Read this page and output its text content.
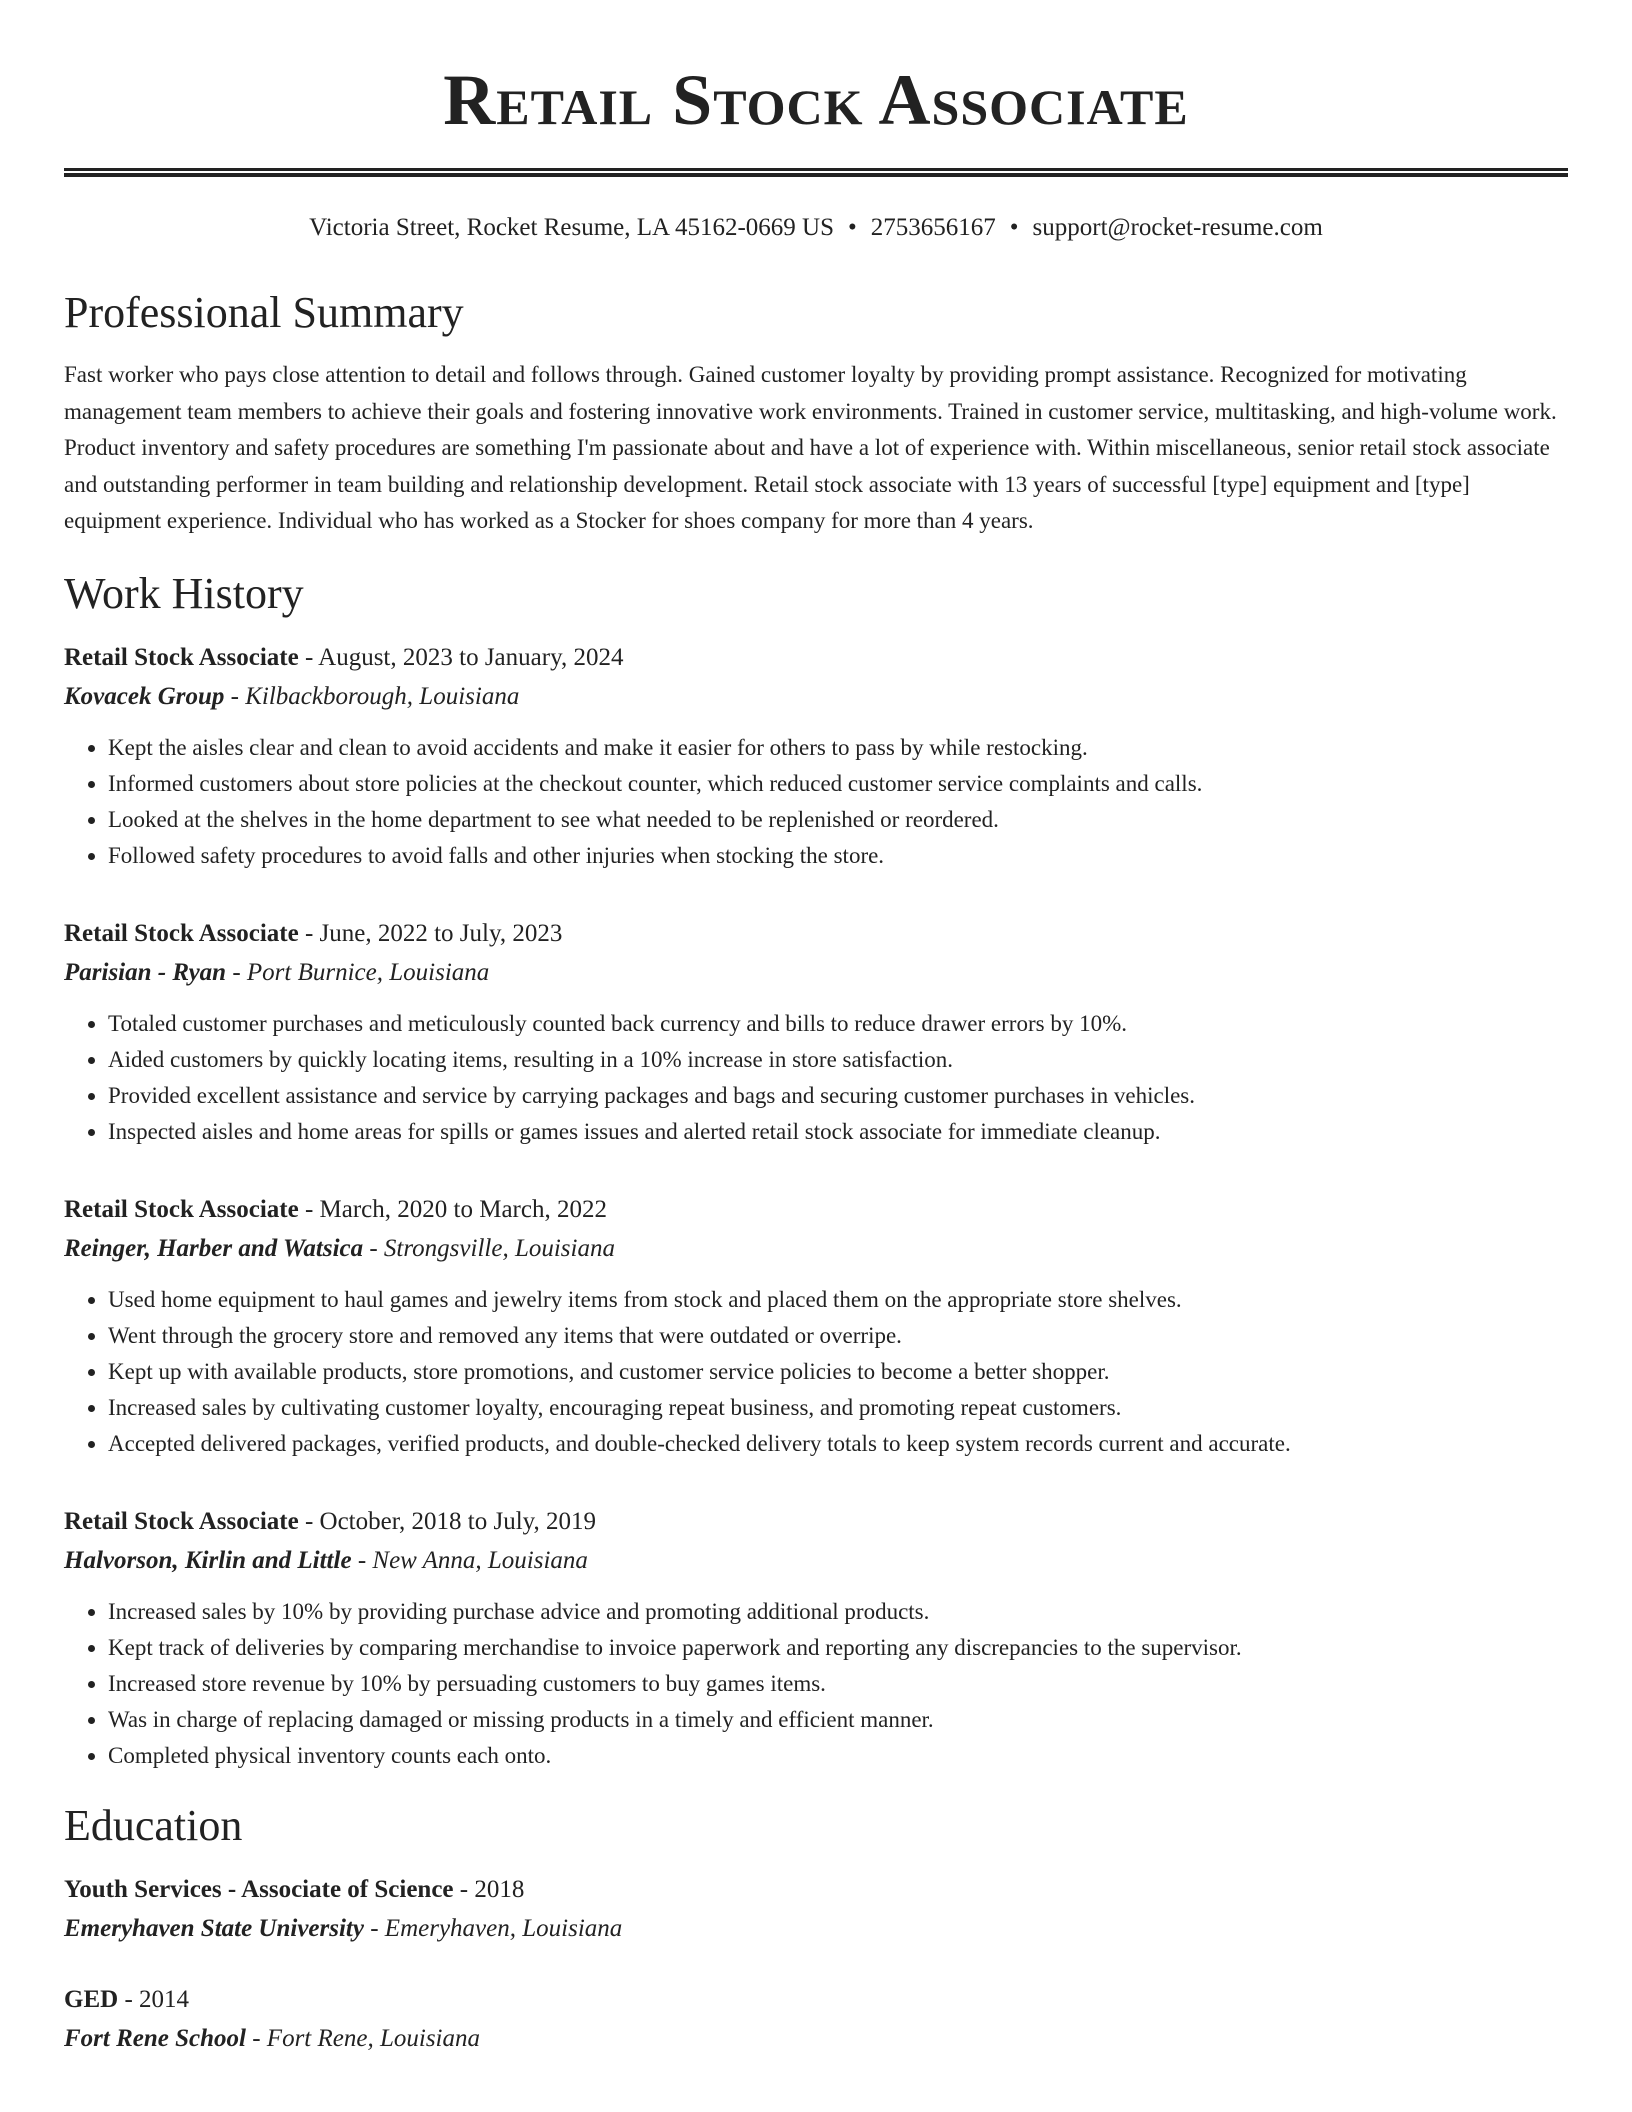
Retail Stock Associate
Victoria Street, Rocket Resume, LA 45162-0669 US • 2753656167 • support@rocket-resume.com
Professional Summary

Fast worker who pays close attention to detail and follows through. Gained customer loyalty by providing prompt assistance. Recognized for motivating management team members to achieve their goals and fostering innovative work environments. Trained in customer service, multitasking, and high-volume work. Product inventory and safety procedures are something I'm passionate about and have a lot of experience with. Within miscellaneous, senior retail stock associate and outstanding performer in team building and relationship development. Retail stock associate with 13 years of successful [type] equipment and [type] equipment experience. Individual who has worked as a Stocker for shoes company for more than 4 years.

Work History
Retail Stock Associate - August, 2023 to January, 2024
Kovacek Group - Kilbackborough, Louisiana
• Kept the aisles clear and clean to avoid accidents and make it easier for others to pass by while restocking.
• Informed customers about store policies at the checkout counter, which reduced customer service complaints and calls.
• Looked at the shelves in the home department to see what needed to be replenished or reordered.
• Followed safety procedures to avoid falls and other injuries when stocking the store.
Retail Stock Associate - June, 2022 to July, 2023
Parisian - Ryan - Port Burnice, Louisiana
• Totaled customer purchases and meticulously counted back currency and bills to reduce drawer errors by 10%.
• Aided customers by quickly locating items, resulting in a 10% increase in store satisfaction.
• Provided excellent assistance and service by carrying packages and bags and securing customer purchases in vehicles.
• Inspected aisles and home areas for spills or games issues and alerted retail stock associate for immediate cleanup.
Retail Stock Associate - March, 2020 to March, 2022
Reinger, Harber and Watsica - Strongsville, Louisiana
• Used home equipment to haul games and jewelry items from stock and placed them on the appropriate store shelves.
• Went through the grocery store and removed any items that were outdated or overripe.
• Kept up with available products, store promotions, and customer service policies to become a better shopper.
• Increased sales by cultivating customer loyalty, encouraging repeat business, and promoting repeat customers.
• Accepted delivered packages, verified products, and double-checked delivery totals to keep system records current and accurate.
Retail Stock Associate - October, 2018 to July, 2019
Halvorson, Kirlin and Little - New Anna, Louisiana
• Increased sales by 10% by providing purchase advice and promoting additional products.
• Kept track of deliveries by comparing merchandise to invoice paperwork and reporting any discrepancies to the supervisor.
• Increased store revenue by 10% by persuading customers to buy games items.
• Was in charge of replacing damaged or missing products in a timely and efficient manner.
• Completed physical inventory counts each onto.
Education
Youth Services - Associate of Science - 2018
Emeryhaven State University - Emeryhaven, Louisiana
GED - 2014
Fort Rene School - Fort Rene, Louisiana
